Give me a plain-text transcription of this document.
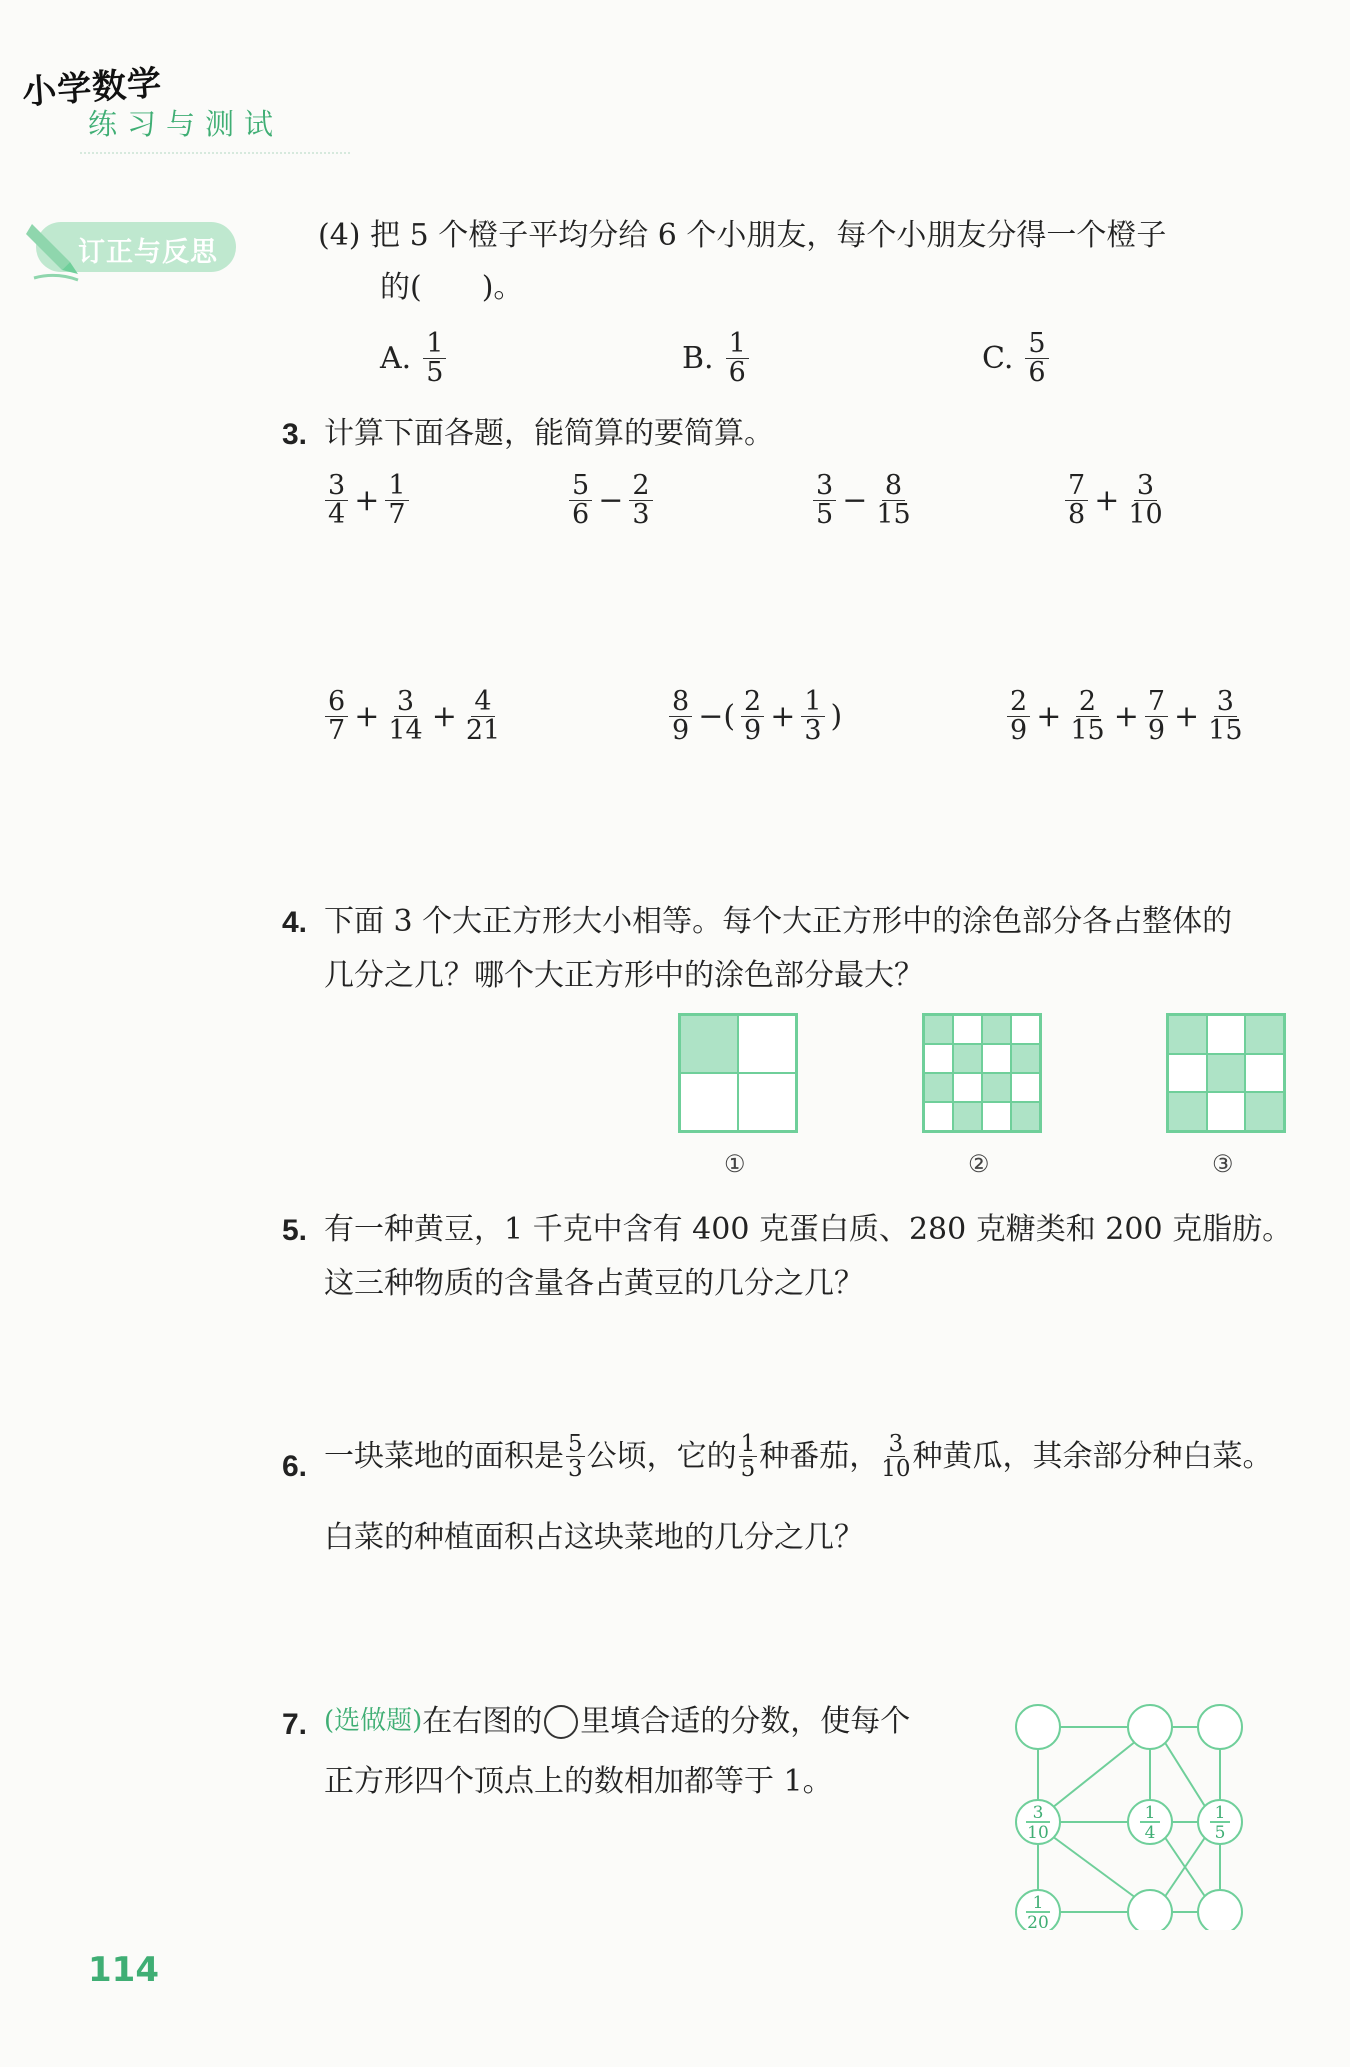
小学数学
练习与测试
订正与反思	(4) 把 5 个橙子平均分给 6 个小朋友，每个小朋友分得一个橙子
的(　　)。
A. 1
5	B. 1
6	C. 5
6
3. 计算下面各题，能简算的要简算。
3
$4 + \frac{1}{7}$	5
$6 - \frac{2}{3}$	3
$5 - \frac{8}{15}$	7
$8 + \frac{3}{10}$
6
$7 + \frac{3}{14} + \frac{4}{21}$	8
9 −( 2
$9 + \frac{1}{3}$ )	2
$9 + \frac{2}{15} + \frac{7}{9} + \frac{3}{15}$
4. 下面 3 个大正方形大小相等。每个大正方形中的涂色部分各占整体的
几分之几？哪个大正方形中的涂色部分最大？
①	②	③
5. 有一种黄豆，1 千克中含有 400 克蛋白质、280 克糖类和 200 克脂肪。
这三种物质的含量各占黄豆的几分之几？
6. 一块菜地的面积是 5
3 公顷，它的 1
5 种番茄， 3
10 种黄瓜，其余部分种白菜。
白菜的种植面积占这块菜地的几分之几？
7. (选做题) 在右图的 里填合适的分数，使每个
正方形四个顶点上的数相加都等于 1。
3
10
1
4
1
5
1
20
114
